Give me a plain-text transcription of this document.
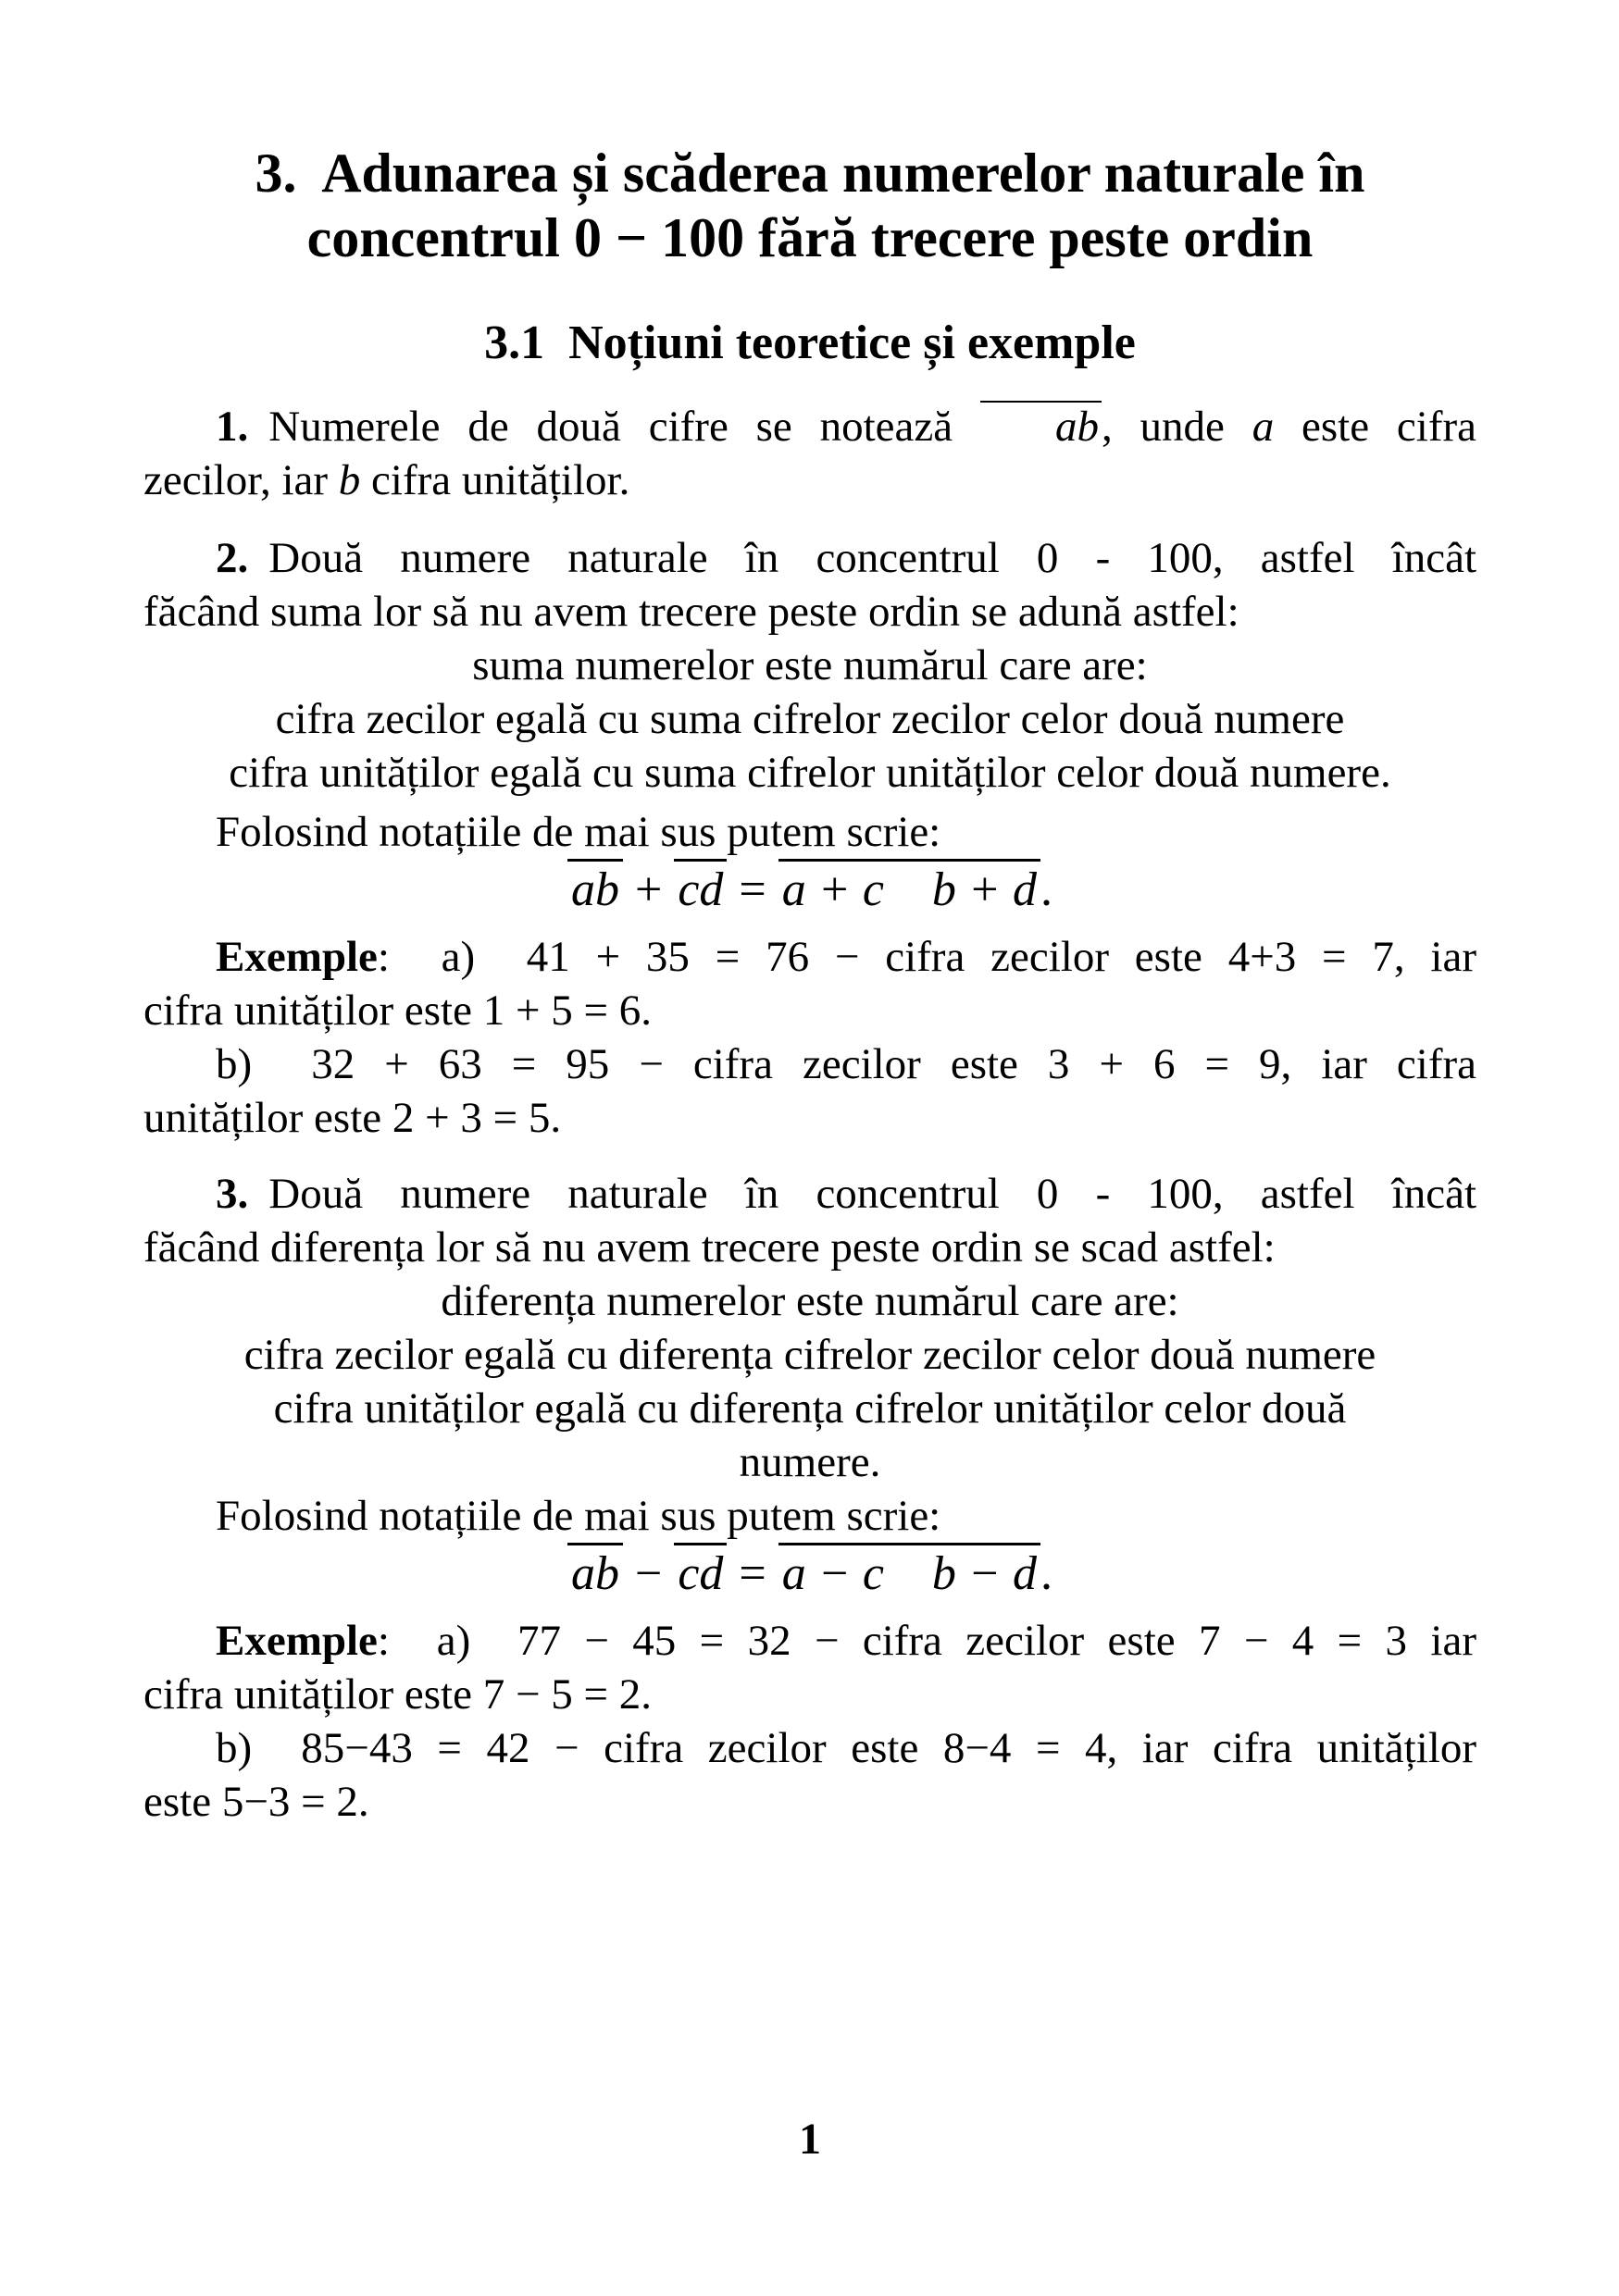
3.  Adunarea și scăderea numerelor naturale în
concentrul 0 − 100 fără trecere peste ordin
3.1  Noțiuni teoretice și exemple
1. Numerele de două cifre se notează ab, unde a este cifra
zecilor, iar b cifra unităților.
2. Două numere naturale în concentrul 0 - 100, astfel încât
făcând suma lor să nu avem trecere peste ordin se adună astfel:
suma numerelor este numărul care are:
cifra zecilor egală cu suma cifrelor zecilor celor două numere
cifra unităților egală cu suma cifrelor unităților celor două numere.
Folosind notațiile de mai sus putem scrie:
ab + cd = a + c b + d.
Exemple:  a)  41 + 35 = 76 − cifra zecilor este 4+3 = 7, iar
cifra unităților este 1 + 5 = 6.
b)  32 + 63 = 95 − cifra zecilor este 3 + 6 = 9, iar cifra
unităților este 2 + 3 = 5.
3. Două numere naturale în concentrul 0 - 100, astfel încât
făcând diferența lor să nu avem trecere peste ordin se scad astfel:
diferența numerelor este numărul care are:
cifra zecilor egală cu diferența cifrelor zecilor celor două numere
cifra unităților egală cu diferența cifrelor unităților celor două
numere.
Folosind notațiile de mai sus putem scrie:
ab − cd = a − c b − d.
Exemple:  a)  77 − 45 = 32 − cifra zecilor este 7 − 4 = 3 iar
cifra unităților este 7 − 5 = 2.
b)  85−43 = 42 − cifra zecilor este 8−4 = 4, iar cifra unităților
este 5−3 = 2.
1
